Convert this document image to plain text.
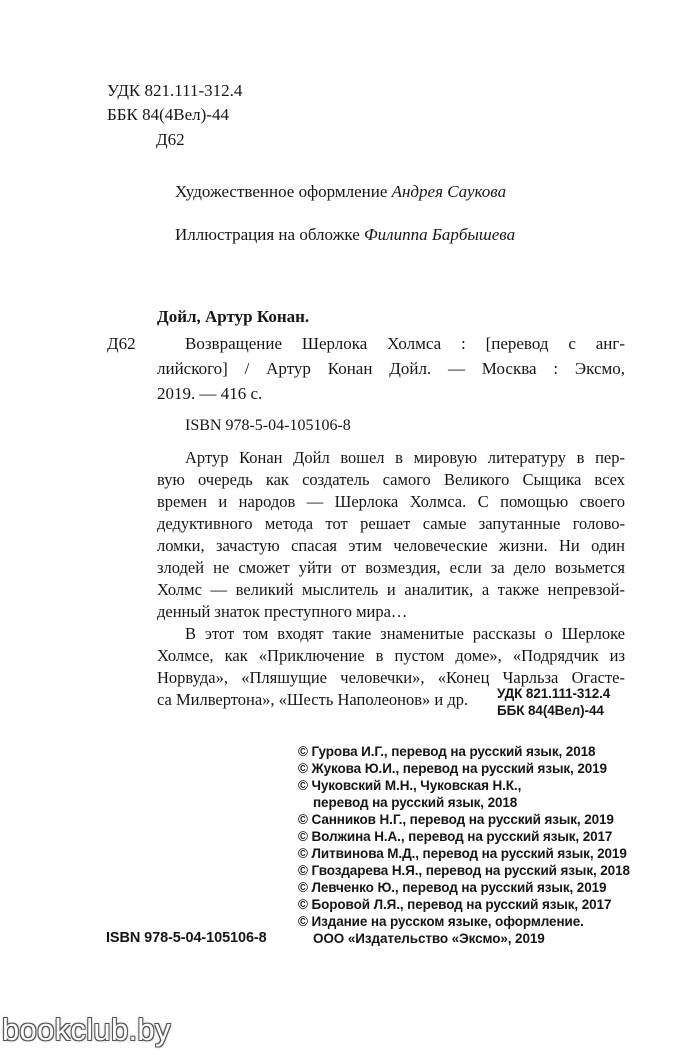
УДК 821.111-312.4
ББК 84(4Вел)-44
Д62
Художественное оформление Андрея Саукова
Иллюстрация на обложке Филиппа Барбышева
Дойл, Артур Конан.
Д62	Возвращение Шерлока Холмса : [перевод с анг-
лийского] / Артур Конан Дойл. — Москва : Эксмо,
2019. — 416 с.
ISBN 978-5-04-105106-8
Артур Конан Дойл вошел в мировую литературу в пер-
вую очередь как создатель самого Великого Сыщика всех
времен и народов — Шерлока Холмса. С помощью своего
дедуктивного метода тот решает самые запутанные голово-
ломки, зачастую спасая этим человеческие жизни. Ни один
злодей не сможет уйти от возмездия, если за дело возьмется
Холмс — великий мыслитель и аналитик, а также непревзой-
денный знаток преступного мира…
В этот том входят такие знаменитые рассказы о Шерлоке
Холмсе, как «Приключение в пустом доме», «Подрядчик из
Норвуда», «Пляшущие человечки», «Конец Чарльза Огасте-
са Милвертона», «Шесть Наполеонов» и др.	УДК 821.111-312.4
ББК 84(4Вел)-44
© Гурова И.Г., перевод на русский язык, 2018
© Жукова Ю.И., перевод на русский язык, 2019
© Чуковский М.Н., Чуковская Н.К.,
перевод на русский язык, 2018
© Санников Н.Г., перевод на русский язык, 2019
© Волжина Н.А., перевод на русский язык, 2017
© Литвинова М.Д., перевод на русский язык, 2019
© Гвоздарева Н.Я., перевод на русский язык, 2018
© Левченко Ю., перевод на русский язык, 2019
© Боровой Л.Я., перевод на русский язык, 2017
© Издание на русском языке, оформление.
ООО «Издательство «Эксмо», 2019
ISBN 978-5-04-105106-8
bookclub.by
